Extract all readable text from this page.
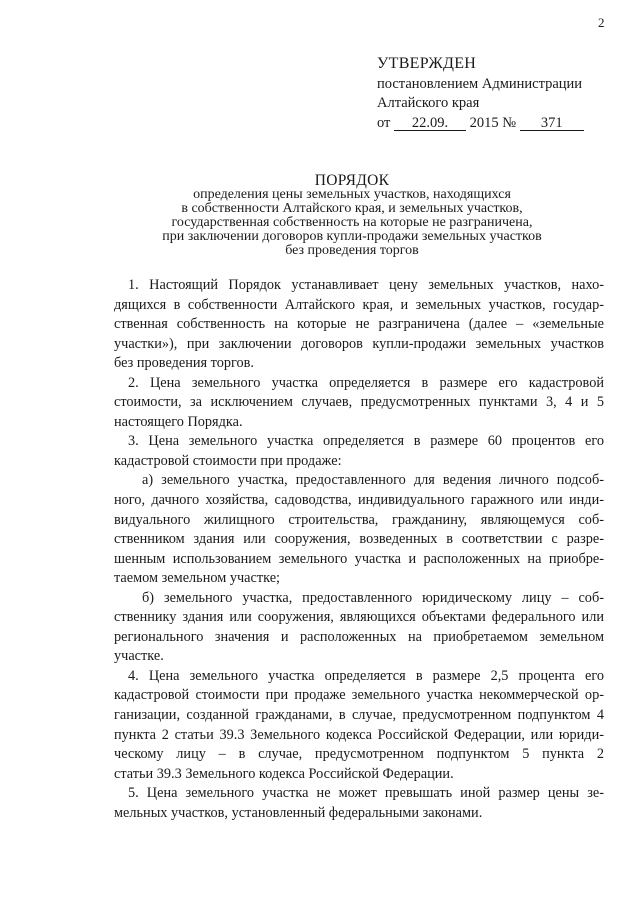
2
УТВЕРЖДЕН
постановлением Администрации
Алтайского края
от 22.09. 2015 № 371
ПОРЯДОК
определения цены земельных участков, находящихся
в собственности Алтайского края, и земельных участков,
государственная собственность на которые не разграничена,
при заключении договоров купли-продажи земельных участков
без проведения торгов
1. Настоящий Порядок устанавливает цену земельных участков, нахо-
дящихся в собственности Алтайского края, и земельных участков, государ-
ственная собственность на которые не разграничена (далее – «земельные
участки»), при заключении договоров купли-продажи земельных участков
без проведения торгов.
2. Цена земельного участка определяется в размере его кадастровой
стоимости, за исключением случаев, предусмотренных пунктами 3, 4 и 5
настоящего Порядка.
3. Цена земельного участка определяется в размере 60 процентов его
кадастровой стоимости при продаже:
а) земельного участка, предоставленного для ведения личного подсоб-
ного, дачного хозяйства, садоводства, индивидуального гаражного или инди-
видуального жилищного строительства, гражданину, являющемуся соб-
ственником здания или сооружения, возведенных в соответствии с разре-
шенным использованием земельного участка и расположенных на приобре-
таемом земельном участке;
б) земельного участка, предоставленного юридическому лицу – соб-
ственнику здания или сооружения, являющихся объектами федерального или
регионального значения и расположенных на приобретаемом земельном
участке.
4. Цена земельного участка определяется в размере 2,5 процента его
кадастровой стоимости при продаже земельного участка некоммерческой ор-
ганизации, созданной гражданами, в случае, предусмотренном подпунктом 4
пункта 2 статьи 39.3 Земельного кодекса Российской Федерации, или юриди-
ческому лицу – в случае, предусмотренном подпунктом 5 пункта 2
статьи 39.3 Земельного кодекса Российской Федерации.
5. Цена земельного участка не может превышать иной размер цены зе-
мельных участков, установленный федеральными законами.
